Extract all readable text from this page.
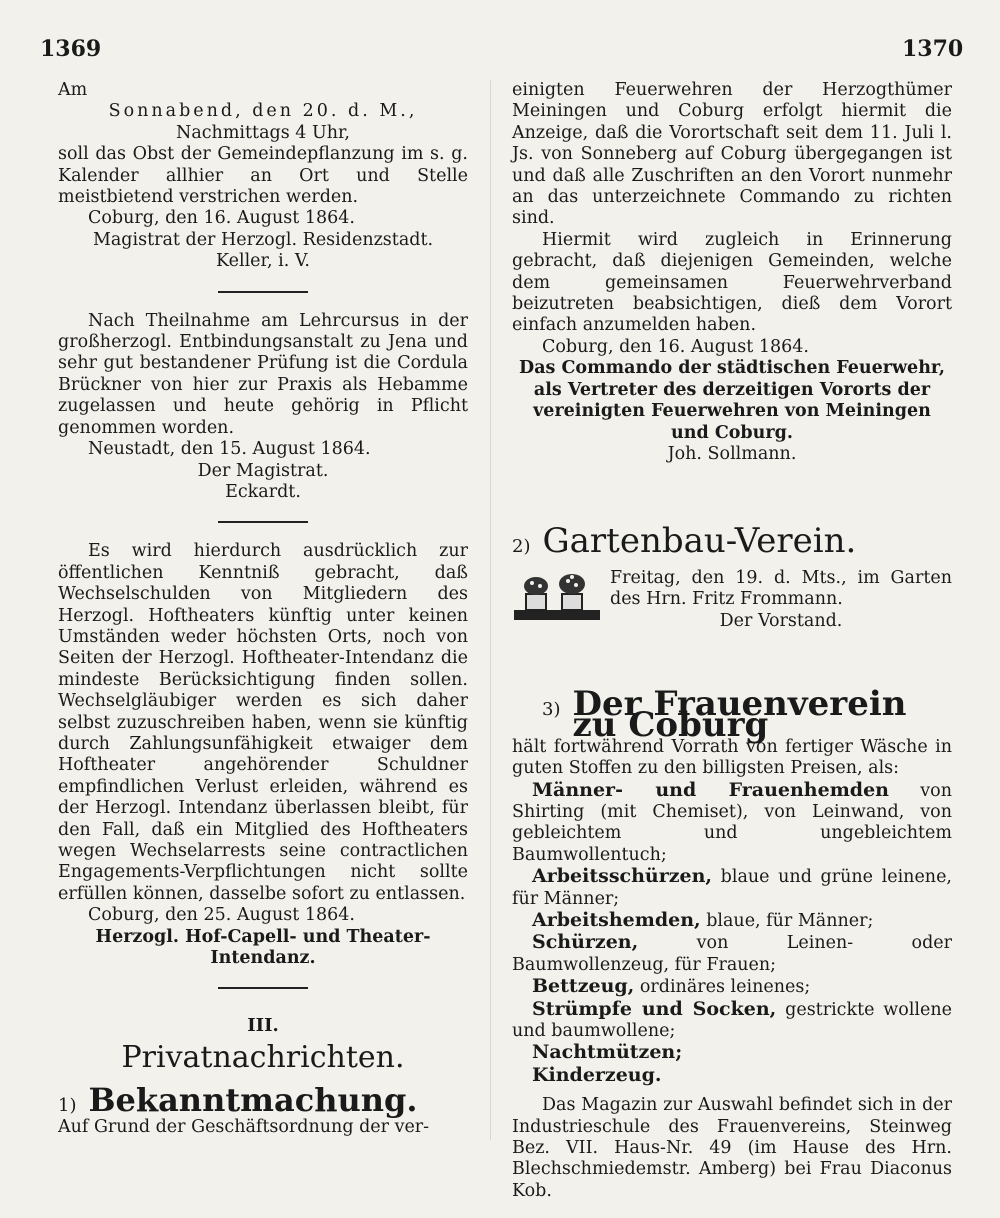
1369	1370

Am

Sonnabend, den 20. d. M.,

Nachmittags 4 Uhr,

soll das Obst der Gemeindepflanzung im s. g. Kalender allhier an Ort und Stelle meistbietend verstrichen werden.

Coburg, den 16. August 1864.

Magistrat der Herzogl. Residenzstadt.

Keller, i. V.

Nach Theilnahme am Lehrcursus in der großherzogl. Entbindungsanstalt zu Jena und sehr gut bestandener Prüfung ist die Cordula Brückner von hier zur Praxis als Hebamme zugelassen und heute gehörig in Pflicht genommen worden.

Neustadt, den 15. August 1864.

Der Magistrat.

Eckardt.

Es wird hierdurch ausdrücklich zur öffentlichen Kenntniß gebracht, daß Wechselschulden von Mitgliedern des Herzogl. Hoftheaters künftig unter keinen Umständen weder höchsten Orts, noch von Seiten der Herzogl. Hoftheater-Intendanz die mindeste Berücksichtigung finden sollen. Wechselgläubiger werden es sich daher selbst zuzuschreiben haben, wenn sie künftig durch Zahlungsunfähigkeit etwaiger dem Hoftheater angehörender Schuldner empfindlichen Verlust erleiden, während es der Herzogl. Intendanz überlassen bleibt, für den Fall, daß ein Mitglied des Hoftheaters wegen Wechselarrests seine contractlichen Engagements-Verpflichtungen nicht sollte erfüllen können, dasselbe sofort zu entlassen.

Coburg, den 25. August 1864.

Herzogl. Hof-Capell- und Theater-Intendanz.

III.

Privatnachrichten.

1) Bekanntmachung.

Auf Grund der Geschäftsordnung der ver-

einigten Feuerwehren der Herzogthümer Meiningen und Coburg erfolgt hiermit die Anzeige, daß die Vorortschaft seit dem 11. Juli l. Js. von Sonneberg auf Coburg übergegangen ist und daß alle Zuschriften an den Vorort nunmehr an das unterzeichnete Commando zu richten sind.

Hiermit wird zugleich in Erinnerung gebracht, daß diejenigen Gemeinden, welche dem gemeinsamen Feuerwehrverband beizutreten beabsichtigen, dieß dem Vorort einfach anzumelden haben.

Coburg, den 16. August 1864.

Das Commando der städtischen Feuerwehr, als Vertreter des derzeitigen Vororts der vereinigten Feuerwehren von Meiningen und Coburg.

Joh. Sollmann.

2) Gartenbau-Verein.

Freitag, den 19. d. Mts., im Garten des Hrn. Fritz Frommann.

Der Vorstand.

3) Der Frauenverein zu Coburg

hält fortwährend Vorrath von fertiger Wäsche in guten Stoffen zu den billigsten Preisen, als:

Männer- und Frauenhemden von Shirting (mit Chemiset), von Leinwand, von gebleichtem und ungebleichtem Baumwollentuch;

Arbeitsschürzen, blaue und grüne leinene, für Männer;

Arbeitshemden, blaue, für Männer;

Schürzen, von Leinen- oder Baumwollenzeug, für Frauen;

Bettzeug, ordinäres leinenes;

Strümpfe und Socken, gestrickte wollene und baumwollene;

Nachtmützen;

Kinderzeug.

Das Magazin zur Auswahl befindet sich in der Industrieschule des Frauenvereins, Steinweg Bez. VII. Haus-Nr. 49 (im Hause des Hrn. Blechschmiedemstr. Amberg) bei Frau Diaconus Kob.
